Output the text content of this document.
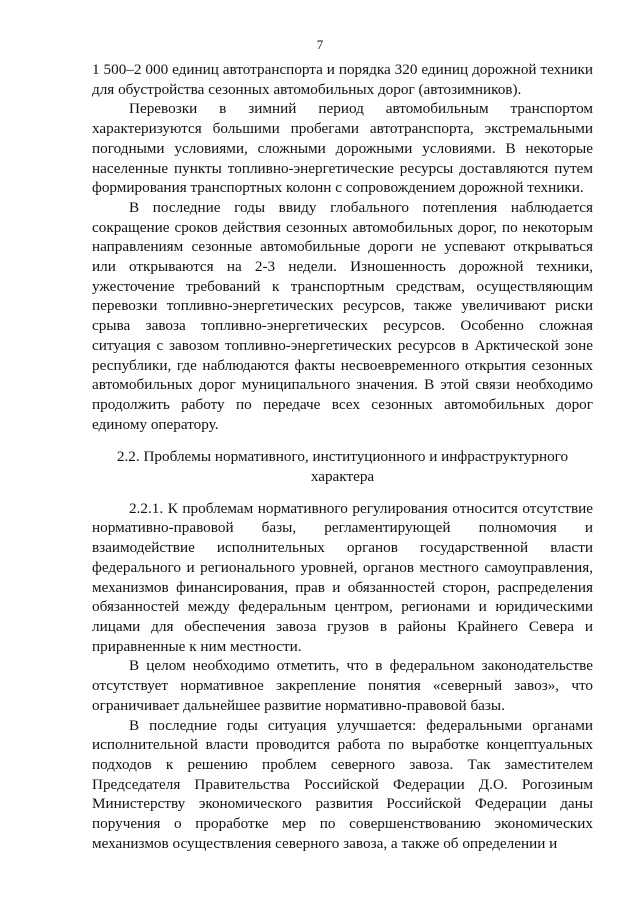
7

1 500–2 000 единиц автотранспорта и порядка 320 единиц дорожной техники для обустройства сезонных автомобильных дорог (автозимников).

Перевозки в зимний период автомобильным транспортом характеризуются большими пробегами автотранспорта, экстремальными погодными условиями, сложными дорожными условиями. В некоторые населенные пункты топливно-энергетические ресурсы доставляются путем формирования транспортных колонн с сопровождением дорожной техники.

В последние годы ввиду глобального потепления наблюдается сокращение сроков действия сезонных автомобильных дорог, по некоторым направлениям сезонные автомобильные дороги не успевают открываться или открываются на 2-3 недели. Изношенность дорожной техники, ужесточение требований к транспортным средствам, осуществляющим перевозки топливно-энергетических ресурсов, также увеличивают риски срыва завоза топливно-энергетических ресурсов. Особенно сложная ситуация с завозом топливно-энергетических ресурсов в Арктической зоне республики, где наблюдаются факты несвоевременного открытия сезонных автомобильных дорог муниципального значения. В этой связи необходимо продолжить работу по передаче всех сезонных автомобильных дорог единому оператору.

2.2. Проблемы нормативного, институционного и инфраструктурного характера

2.2.1. К проблемам нормативного регулирования относится отсутствие нормативно-правовой базы, регламентирующей полномочия и взаимодействие исполнительных органов государственной власти федерального и регионального уровней, органов местного самоуправления, механизмов финансирования, прав и обязанностей сторон, распределения обязанностей между федеральным центром, регионами и юридическими лицами для обеспечения завоза грузов в районы Крайнего Севера и приравненные к ним местности.

В целом необходимо отметить, что в федеральном законодательстве отсутствует нормативное закрепление понятия «северный завоз», что ограничивает дальнейшее развитие нормативно-правовой базы.

В последние годы ситуация улучшается: федеральными органами исполнительной власти проводится работа по выработке концептуальных подходов к решению проблем северного завоза. Так заместителем Председателя Правительства Российской Федерации Д.О. Рогозиным Министерству экономического развития Российской Федерации даны поручения о проработке мер по совершенствованию экономических механизмов осуществления северного завоза, а также об определении и
